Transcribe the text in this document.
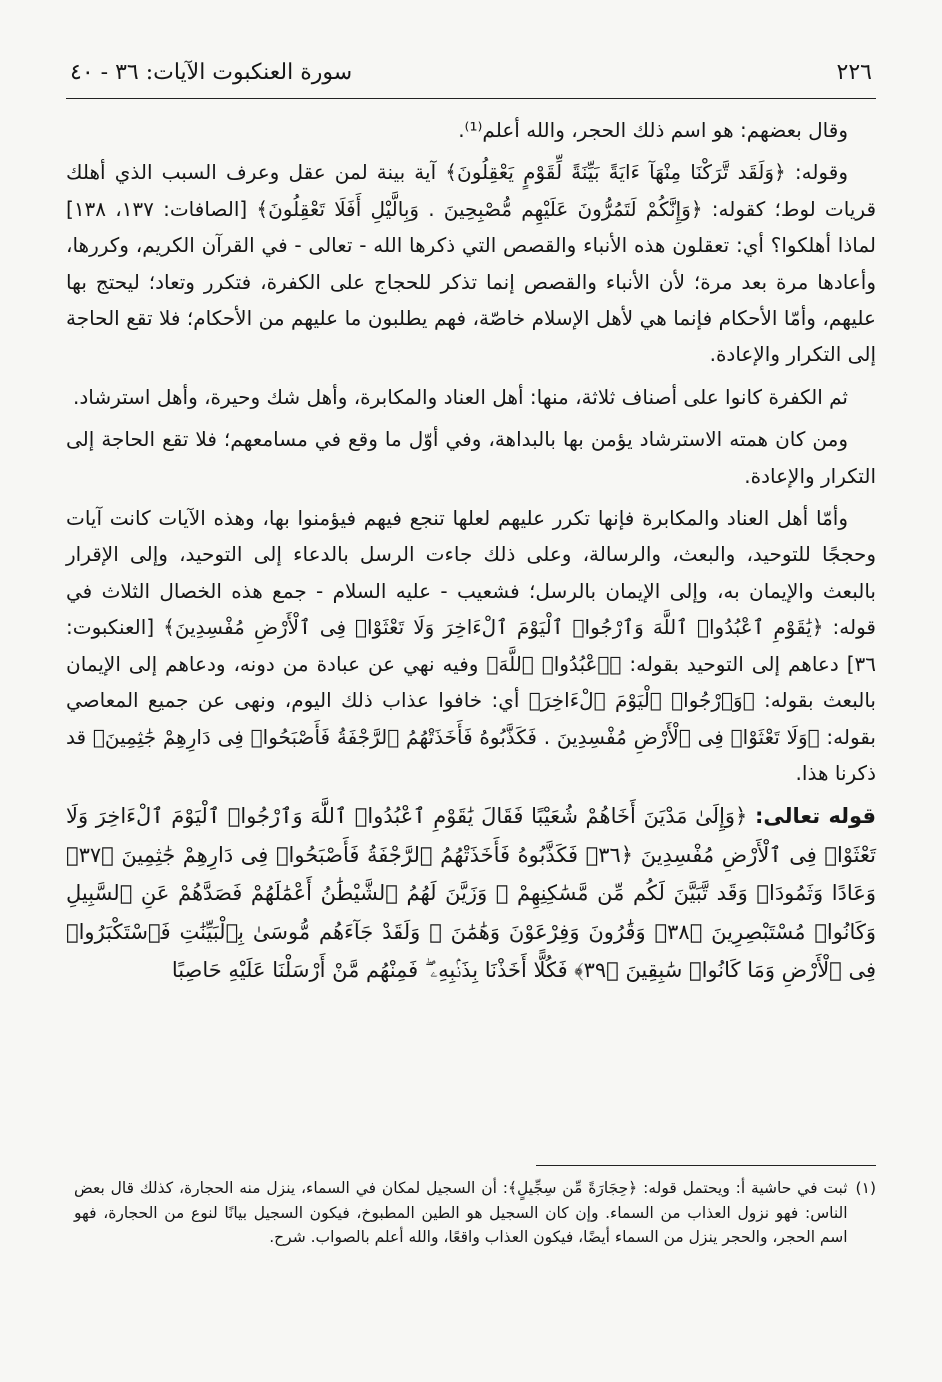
سورة العنكبوت الآيات: ٣٦ - ٤٠	٢٢٦

وقال بعضهم: هو اسم ذلك الحجر، والله أعلم⁽¹⁾.

وقوله: ﴿وَلَقَد تَّرَكْنَا مِنْهَآ ءَايَةً بَيِّنَةً لِّقَوْمٍ يَعْقِلُونَ﴾ آية بينة لمن عقل وعرف السبب الذي أهلك قريات لوط؛ كقوله: ﴿وَإِنَّكُمْ لَتَمُرُّونَ عَلَيْهِم مُّصْبِحِينَ . وَبِالَّيْلِ أَفَلَا تَعْقِلُونَ﴾ [الصافات: ١٣٧، ١٣٨] لماذا أهلكوا؟ أي: تعقلون هذه الأنباء والقصص التي ذكرها الله - تعالى - في القرآن الكريم، وكررها، وأعادها مرة بعد مرة؛ لأن الأنباء والقصص إنما تذكر للحجاج على الكفرة، فتكرر وتعاد؛ ليحتج بها عليهم، وأمّا الأحكام فإنما هي لأهل الإسلام خاصّة، فهم يطلبون ما عليهم من الأحكام؛ فلا تقع الحاجة إلى التكرار والإعادة.

ثم الكفرة كانوا على أصناف ثلاثة، منها: أهل العناد والمكابرة، وأهل شك وحيرة، وأهل استرشاد.

ومن كان همته الاسترشاد يؤمن بها بالبداهة، وفي أوّل ما وقع في مسامعهم؛ فلا تقع الحاجة إلى التكرار والإعادة.

وأمّا أهل العناد والمكابرة فإنها تكرر عليهم لعلها تنجع فيهم فيؤمنوا بها، وهذه الآيات كانت آيات وحججًا للتوحيد، والبعث، والرسالة، وعلى ذلك جاءت الرسل بالدعاء إلى التوحيد، وإلى الإقرار بالبعث والإيمان به، وإلى الإيمان بالرسل؛ فشعيب - عليه السلام - جمع هذه الخصال الثلاث في قوله: ﴿يَٰقَوْمِ ٱعْبُدُوا۟ ٱللَّهَ وَٱرْجُوا۟ ٱلْيَوْمَ ٱلْءَاخِرَ وَلَا تَعْثَوْا۟ فِى ٱلْأَرْضِ مُفْسِدِينَ﴾ [العنكبوت: ٣٦] دعاهم إلى التوحيد بقوله: ﴿ٱعْبُدُوا۟ ٱللَّهَ﴾ وفيه نهي عن عبادة من دونه، ودعاهم إلى الإيمان بالبعث بقوله: ﴿وَٱرْجُوا۟ ٱلْيَوْمَ ٱلْءَاخِرَ﴾ أي: خافوا عذاب ذلك اليوم، ونهى عن جميع المعاصي بقوله: ﴿وَلَا تَعْثَوْا۟ فِى ٱلْأَرْضِ مُفْسِدِينَ . فَكَذَّبُوهُ فَأَخَذَتْهُمُ ٱلرَّجْفَةُ فَأَصْبَحُوا۟ فِى دَارِهِمْ جَٰثِمِينَ﴾ قد ذكرنا هذا.

قوله تعالى: ﴿وَإِلَىٰ مَدْيَنَ أَخَاهُمْ شُعَيْبًا فَقَالَ يَٰقَوْمِ ٱعْبُدُوا۟ ٱللَّهَ وَٱرْجُوا۟ ٱلْيَوْمَ ٱلْءَاخِرَ وَلَا تَعْثَوْا۟ فِى ٱلْأَرْضِ مُفْسِدِينَ ﴿٣٦﴾ فَكَذَّبُوهُ فَأَخَذَتْهُمُ ٱلرَّجْفَةُ فَأَصْبَحُوا۟ فِى دَارِهِمْ جَٰثِمِينَ ﴿٣٧﴾ وَعَادًا وَثَمُودَا۟ وَقَد تَّبَيَّنَ لَكُم مِّن مَّسَٰكِنِهِمْ ۖ وَزَيَّنَ لَهُمُ ٱلشَّيْطَٰنُ أَعْمَٰلَهُمْ فَصَدَّهُمْ عَنِ ٱلسَّبِيلِ وَكَانُوا۟ مُسْتَبْصِرِينَ ﴿٣٨﴾ وَقَٰرُونَ وَفِرْعَوْنَ وَهَٰمَٰنَ ۖ وَلَقَدْ جَآءَهُم مُّوسَىٰ بِٱلْبَيِّنَٰتِ فَٱسْتَكْبَرُوا۟ فِى ٱلْأَرْضِ وَمَا كَانُوا۟ سَٰبِقِينَ ﴿٣٩﴾ فَكُلًّا أَخَذْنَا بِذَنۢبِهِۦ ۖ فَمِنْهُم مَّنْ أَرْسَلْنَا عَلَيْهِ حَاصِبًا

(١)
ثبت في حاشية أ: ويحتمل قوله: ﴿حِجَارَةً مِّن سِجِّيلٍ﴾: أن السجيل لمكان في السماء، ينزل منه الحجارة، كذلك قال بعض الناس: فهو نزول العذاب من السماء. وإن كان السجيل هو الطين المطبوخ، فيكون السجيل بيانًا لنوع من الحجارة، فهو اسم الحجر، والحجر ينزل من السماء أيضًا، فيكون العذاب واقعًا، والله أعلم بالصواب. شرح.
